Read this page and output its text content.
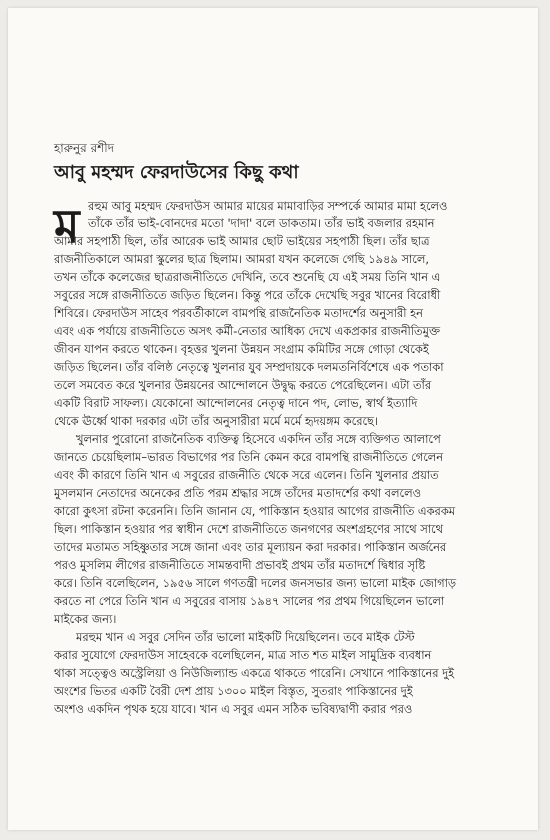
হারুনুর রশীদ
আবু মহম্মদ ফেরদাউসের কিছু কথা
ম রহুম আবু মহম্মদ ফেরদাউস আমার মায়ের মামাবাড়ির সম্পর্কে আমার মামা হলেও
তাঁকে তাঁর ভাই-বোনদের মতো 'দাদা' বলে ডাকতাম। তাঁর ভাই বজলার রহমান
আমার সহপাঠী ছিল, তাঁর আরেক ভাই আমার ছোট ভাইয়ের সহপাঠী ছিল। তাঁর ছাত্র
রাজনীতিকালে আমরা স্কুলের ছাত্র ছিলাম। আমরা যখন কলেজে গেছি ১৯৪৯ সালে,
তখন তাঁকে কলেজের ছাত্ররাজনীতিতে দেখিনি, তবে শুনেছি যে এই সময় তিনি খান এ
সবুরের সঙ্গে রাজনীতিতে জড়িত ছিলেন। কিন্তু পরে তাঁকে দেখেছি সবুর খানের বিরোধী
শিবিরে। ফেরদাউস সাহেব পরবর্তীকালে বামপন্থি রাজনৈতিক মতাদর্শের অনুসারী হন
এবং এক পর্যায়ে রাজনীতিতে অসৎ কর্মী-নেতার আধিক্য দেখে একপ্রকার রাজনীতিমুক্ত
জীবন যাপন করতে থাকেন। বৃহত্তর খুলনা উন্নয়ন সংগ্রাম কমিটির সঙ্গে গোড়া থেকেই
জড়িত ছিলেন। তাঁর বলিষ্ঠ নেতৃত্বে খুলনার যুব সম্প্রদায়কে দলমতনির্বিশেষে এক পতাকা
তলে সমবেত করে খুলনার উন্নয়নের আন্দোলনে উদ্বুদ্ধ করতে পেরেছিলেন। এটা তাঁর
একটি বিরাট সাফল্য। যেকোনো আন্দোলনের নেতৃত্ব দানে পদ, লোভ, স্বার্থ ইত্যাদি
থেকে ঊর্ধ্বে থাকা দরকার এটা তাঁর অনুসারীরা মর্মে মর্মে হৃদয়ঙ্গম করেছে।
খুলনার পুরোনো রাজনৈতিক ব্যক্তিত্ব হিসেবে একদিন তাঁর সঙ্গে ব্যক্তিগত আলাপে
জানতে চেয়েছিলাম–ভারত বিভাগের পর তিনি কেমন করে বামপন্থি রাজনীতিতে গেলেন
এবং কী কারণে তিনি খান এ সবুরের রাজনীতি থেকে সরে এলেন। তিনি খুলনার প্রয়াত
মুসলমান নেতাদের অনেকের প্রতি পরম শ্রদ্ধার সঙ্গে তাঁদের মতাদর্শের কথা বললেও
কারো কুৎসা রটনা করেননি। তিনি জানান যে, পাকিস্তান হওয়ার আগের রাজনীতি একরকম
ছিল। পাকিস্তান হওয়ার পর স্বাধীন দেশে রাজনীতিতে জনগণের অংশগ্রহণের সাথে সাথে
তাদের মতামত সহিষ্ণুতার সঙ্গে জানা এবং তার মূল্যায়ন করা দরকার। পাকিস্তান অর্জনের
পরও মুসলিম লীগের রাজনীতিতে সামন্তবাদী প্রভাবই প্রথম তাঁর মতাদর্শে দ্বিধার সৃষ্টি
করে। তিনি বলেছিলেন, ১৯৫৬ সালে গণতন্ত্রী দলের জনসভার জন্য ভালো মাইক জোগাড়
করতে না পেরে তিনি খান এ সবুরের বাসায় ১৯৪৭ সালের পর প্রথম গিয়েছিলেন ভালো
মাইকের জন্য।
মরহুম খান এ সবুর সেদিন তাঁর ভালো মাইকটি দিয়েছিলেন। তবে মাইক টেস্ট
করার সুযোগে ফেরদাউস সাহেবকে বলেছিলেন, মাত্র সাত শত মাইল সামুদ্রিক ব্যবধান
থাকা সত্ত্বেও অস্ট্রেলিয়া ও নিউজিল্যান্ড একত্রে থাকতে পারেনি। সেখানে পাকিস্তানের দুই
অংশের ভিতর একটি বৈরী দেশ প্রায় ১৩০০ মাইল বিস্তৃত, সুতরাং পাকিস্তানের দুই
অংশও একদিন পৃথক হয়ে যাবে। খান এ সবুর এমন সঠিক ভবিষ্যদ্বাণী করার পরও
